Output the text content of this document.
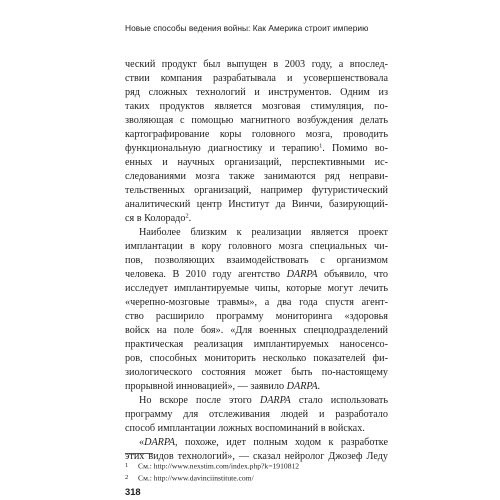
Новые способы ведения войны: Как Америка строит империю

ческий продукт был выпущен в 2003 году, а впослед-
ствии компания разрабатывала и усовершенствовала
ряд сложных технологий и инструментов. Одним из
таких продуктов является мозговая стимуляция, по-
зволяющая с помощью магнитного возбуждения делать
картографирование коры головного мозга, проводить
функциональную диагностику и терапию$^1$. Помимо во-
енных и научных организаций, перспективными ис-
следованиями мозга также занимаются ряд неправи-
тельственных организаций, например футуристический
аналитический центр Институт да Винчи, базирующий-
ся в Колорадо$^2$.

Наиболее близким к реализации является проект
имплантации в кору головного мозга специальных чи-
пов, позволяющих взаимодействовать с организмом
человека. В 2010 году агентство DARPA объявило, что
исследует имплантируемые чипы, которые могут лечить
«черепно-мозговые травмы», а два года спустя агент-
ство расширило программу мониторинга «здоровья
войск на поле боя». «Для военных спецподразделений
практическая реализация имплантируемых наносенсо-
ров, способных мониторить несколько показателей фи-
зиологического состояния может быть по-настоящему
прорывной инновацией», — заявило DARPA.

Но вскоре после этого DARPA стало использовать
программу для отслеживания людей и разработало
способ имплантации ложных воспоминаний в войсках.

«DARPA, похоже, идет полным ходом к разработке
этих видов технологий», — сказал нейролог Джозеф Леду

1 См.: http://www.nexstim.com/index.php?k=1910812
2 См.: http://www.davinciinstitute.com/
318
